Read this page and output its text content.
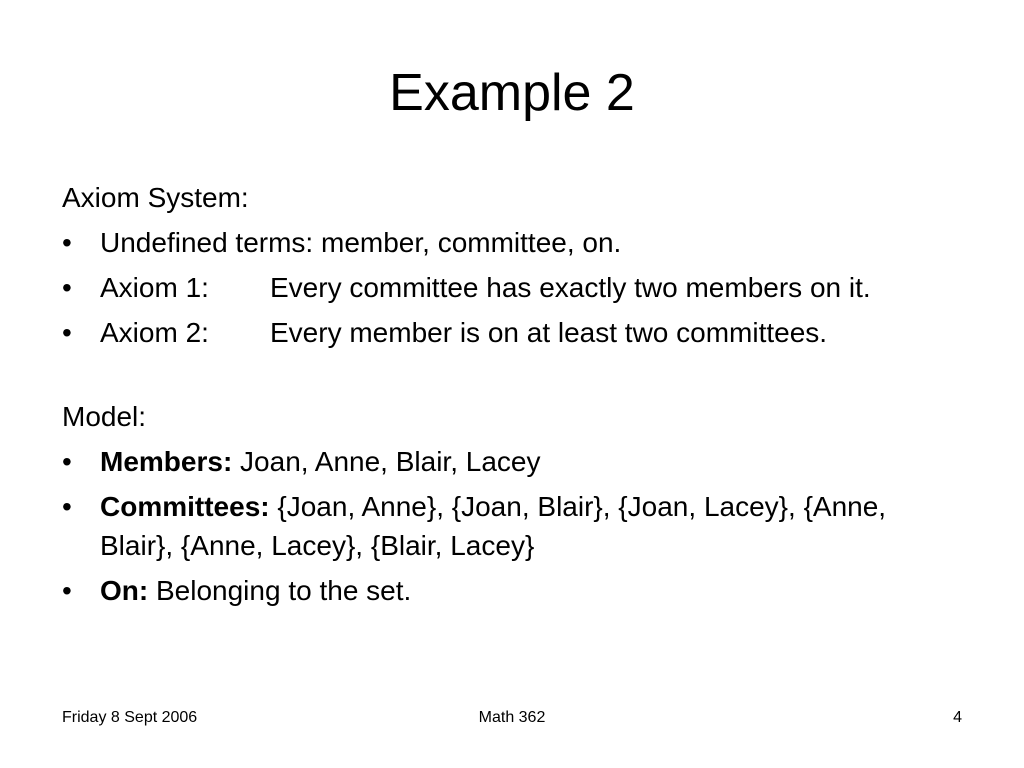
Example 2

Axiom System:

•	Undefined terms: member, committee, on.
•	Axiom 1: Every committee has exactly two members on it.
•	Axiom 2: Every member is on at least two committees.

Model:

•	Members: Joan, Anne, Blair, Lacey
•	Committees: {Joan, Anne}, {Joan, Blair}, {Joan, Lacey}, {Anne, Blair}, {Anne, Lacey}, {Blair, Lacey}
•	On: Belonging to the set.
Friday 8 Sept 2006	Math 362	4
